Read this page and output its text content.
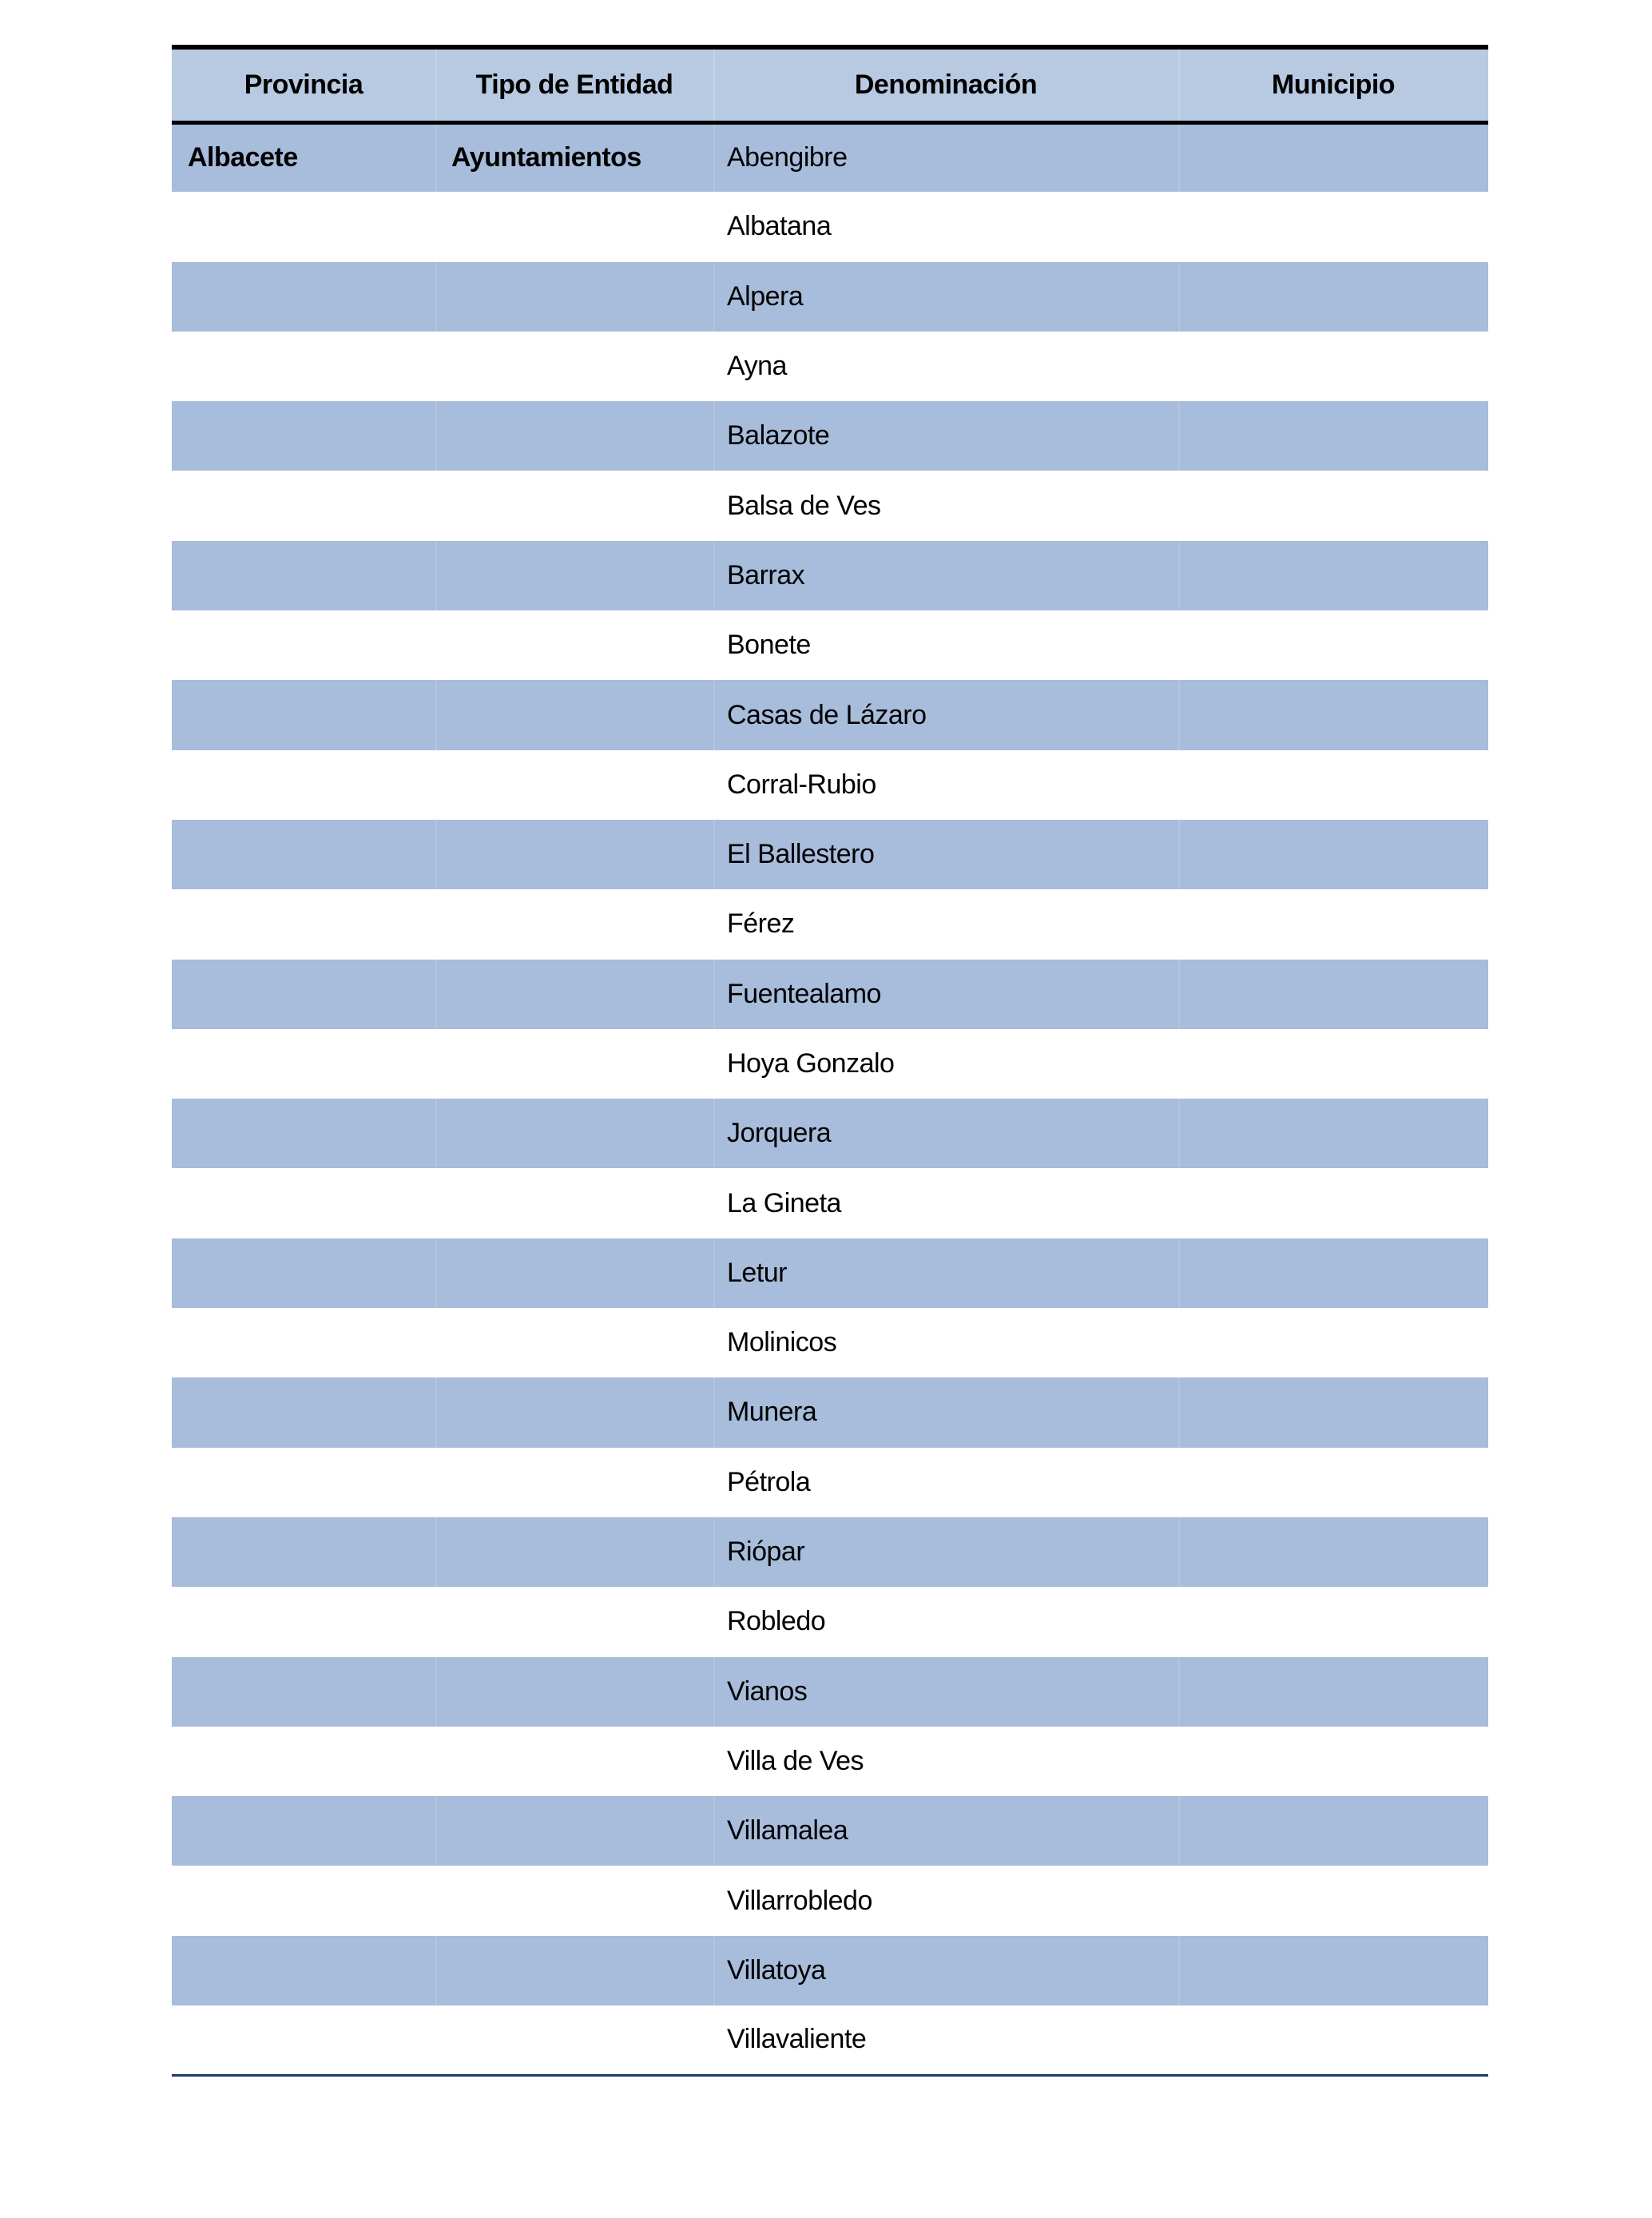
Provincia	Tipo de Entidad	Denominación	Municipio
Albacete	Ayuntamientos	Abengibre	
		Albatana	
		Alpera	
		Ayna	
		Balazote	
		Balsa de Ves	
		Barrax	
		Bonete	
		Casas de Lázaro	
		Corral-Rubio	
		El Ballestero	
		Férez	
		Fuentealamo	
		Hoya Gonzalo	
		Jorquera	
		La Gineta	
		Letur	
		Molinicos	
		Munera	
		Pétrola	
		Riópar	
		Robledo	
		Vianos	
		Villa de Ves	
		Villamalea	
		Villarrobledo	
		Villatoya	
		Villavaliente	
